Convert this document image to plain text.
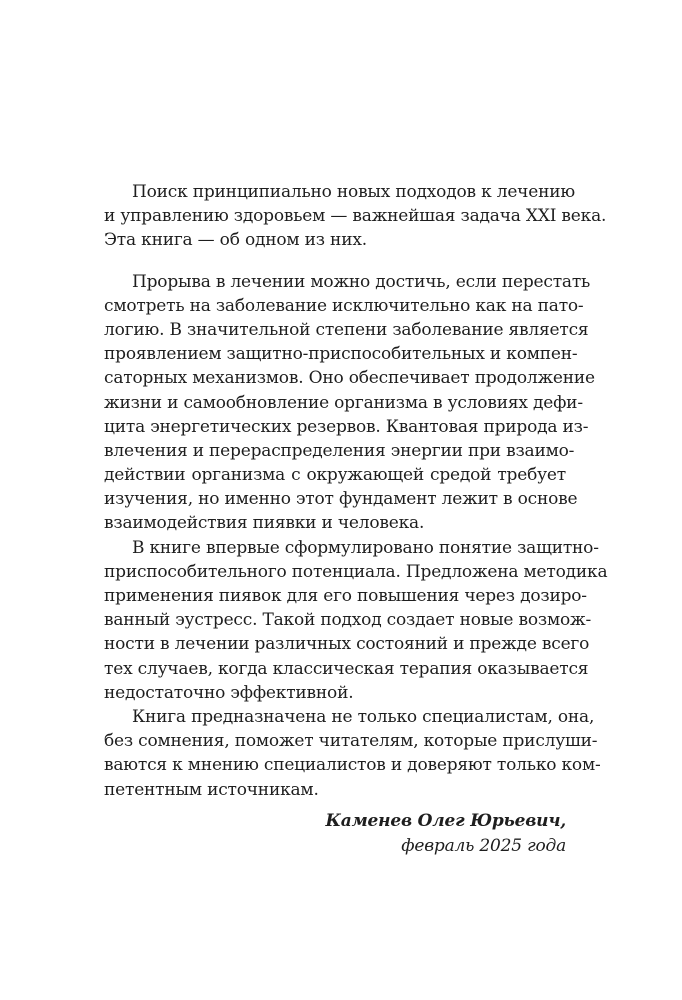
Поиск принципиально новых подходов к лечению
и управлению здоровьем — важнейшая задача XXI века.
Эта книга — об одном из них.
Прорыва в лечении можно достичь, если перестать
смотреть на заболевание исключительно как на пато-
логию. В значительной степени заболевание является
проявлением защитно-приспособительных и компен-
саторных механизмов. Оно обеспечивает продолжение
жизни и самообновление организма в условиях дефи-
цита энергетических резервов. Квантовая природа из-
влечения и перераспределения энергии при взаимо-
действии организма с окружающей средой требует
изучения, но именно этот фундамент лежит в основе
взаимодействия пиявки и человека.
В книге впервые сформулировано понятие защитно-
приспособительного потенциала. Предложена методика
применения пиявок для его повышения через дозиро-
ванный эустресс. Такой подход создает новые возмож-
ности в лечении различных состояний и прежде всего
тех случаев, когда классическая терапия оказывается
недостаточно эффективной.
Книга предназначена не только специалистам, она,
без сомнения, поможет читателям, которые прислуши-
ваются к мнению специалистов и доверяют только ком-
петентным источникам.
Каменев Олег Юрьевич,
февраль 2025 года
